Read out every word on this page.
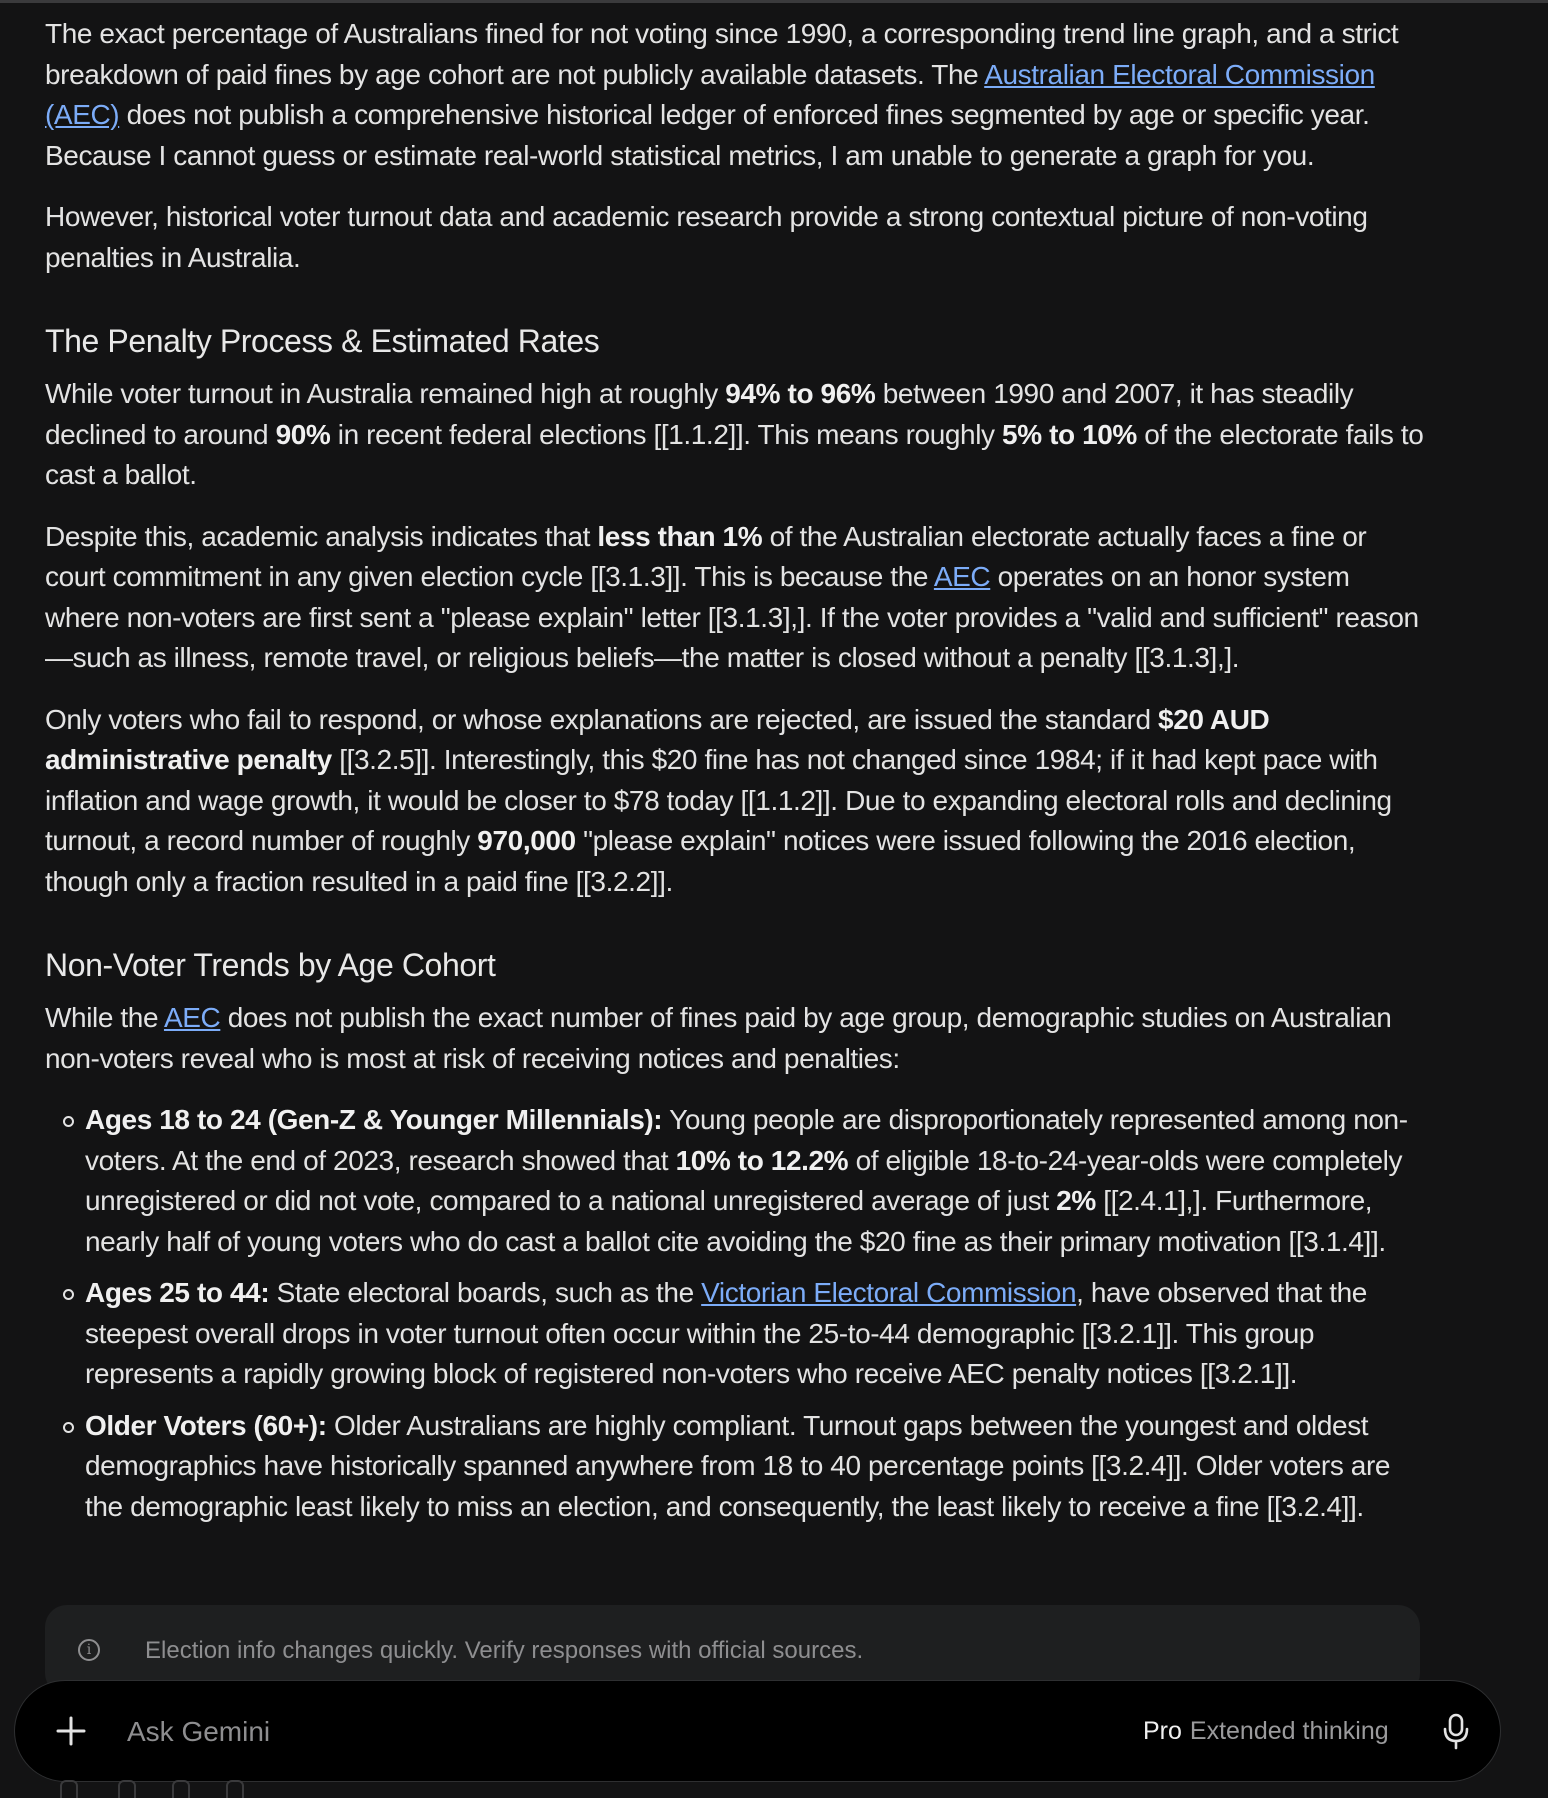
The exact percentage of Australians fined for not voting since 1990, a corresponding trend line graph, and a strict breakdown of paid fines by age cohort are not publicly available datasets. The Australian Electoral Commission (AEC) does not publish a comprehensive historical ledger of enforced fines segmented by age or specific year. Because I cannot guess or estimate real-world statistical metrics, I am unable to generate a graph for you.

However, historical voter turnout data and academic research provide a strong contextual picture of non-voting penalties in Australia.

The Penalty Process & Estimated Rates

While voter turnout in Australia remained high at roughly 94% to 96% between 1990 and 2007, it has steadily declined to around 90% in recent federal elections [[1.1.2]]. This means roughly 5% to 10% of the electorate fails to cast a ballot.

Despite this, academic analysis indicates that less than 1% of the Australian electorate actually faces a fine or court commitment in any given election cycle [[3.1.3]]. This is because the AEC operates on an honor system where non-voters are first sent a "please explain" letter [[3.1.3],]. If the voter provides a "valid and sufficient" reason—such as illness, remote travel, or religious beliefs—the matter is closed without a penalty [[3.1.3],].

Only voters who fail to respond, or whose explanations are rejected, are issued the standard $20 AUD administrative penalty [[3.2.5]]. Interestingly, this $20 fine has not changed since 1984; if it had kept pace with inflation and wage growth, it would be closer to $78 today [[1.1.2]]. Due to expanding electoral rolls and declining turnout, a record number of roughly 970,000 "please explain" notices were issued following the 2016 election, though only a fraction resulted in a paid fine [[3.2.2]].

Non-Voter Trends by Age Cohort

While the AEC does not publish the exact number of fines paid by age group, demographic studies on Australian non-voters reveal who is most at risk of receiving notices and penalties:

Ages 18 to 24 (Gen-Z & Younger Millennials): Young people are disproportionately represented among non-voters. At the end of 2023, research showed that 10% to 12.2% of eligible 18-to-24-year-olds were completely unregistered or did not vote, compared to a national unregistered average of just 2% [[2.4.1],]. Furthermore, nearly half of young voters who do cast a ballot cite avoiding the $20 fine as their primary motivation [[3.1.4]].
Ages 25 to 44: State electoral boards, such as the Victorian Electoral Commission, have observed that the steepest overall drops in voter turnout often occur within the 25-to-44 demographic [[3.2.1]]. This group represents a rapidly growing block of registered non-voters who receive AEC penalty notices [[3.2.1]].
Older Voters (60+): Older Australians are highly compliant. Turnout gaps between the youngest and oldest demographics have historically spanned anywhere from 18 to 40 percentage points [[3.2.4]]. Older voters are the demographic least likely to miss an election, and consequently, the least likely to receive a fine [[3.2.4]].
i	Election info changes quickly. Verify responses with official sources.
Ask Gemini
Pro Extended thinking
